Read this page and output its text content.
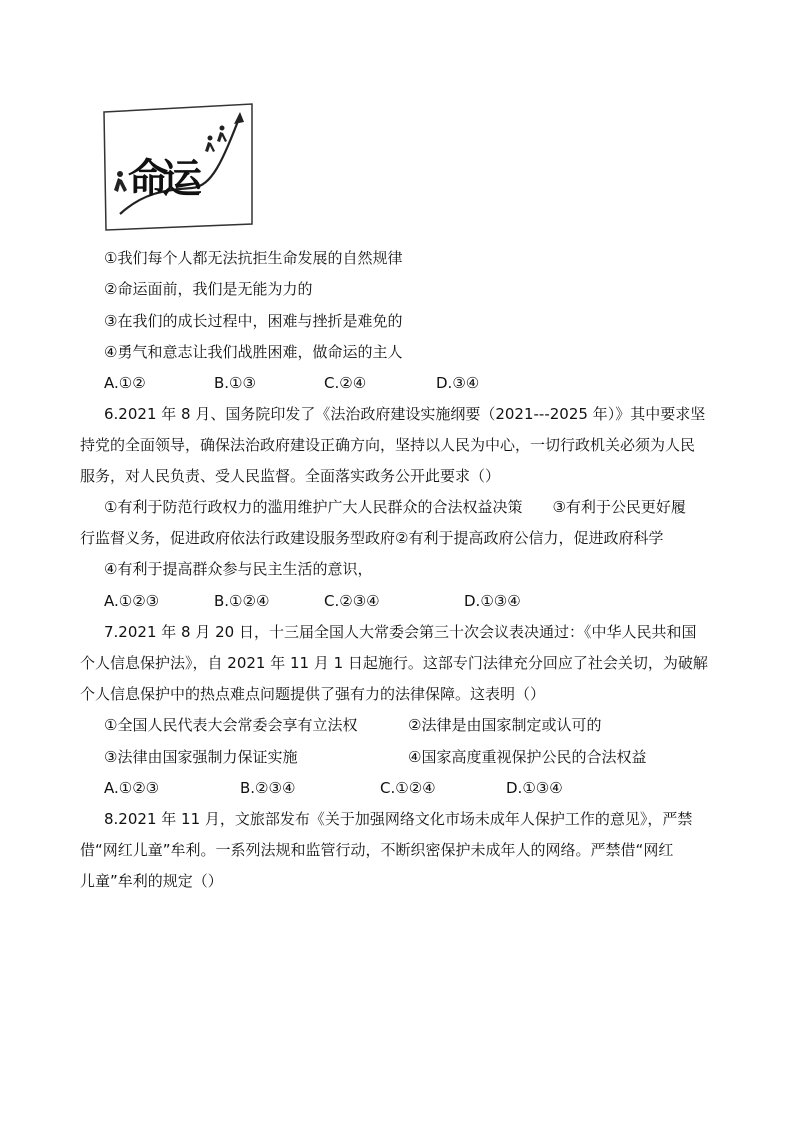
命运
①我们每个人都无法抗拒生命发展的自然规律
②命运面前，我们是无能为力的
③在我们的成长过程中，困难与挫折是难免的
④勇气和意志让我们战胜困难，做命运的主人
A.①②	B.①③	C.②④	D.③④
6.2021 年 8 月、国务院印发了《法治政府建设实施纲要（2021---2025 年）》其中要求坚
持党的全面领导，确保法治政府建设正确方向，坚持以人民为中心，一切行政机关必须为人民
服务，对人民负责、受人民监督。全面落实政务公开此要求（）
①有利于防范行政权力的滥用维护广大人民群众的合法权益决策　　③有利于公民更好履
行监督义务，促进政府依法行政建设服务型政府②有利于提高政府公信力，促进政府科学
④有利于提高群众参与民主生活的意识，
A.①②③	B.①②④	C.②③④	D.①③④
7.2021 年 8 月 20 日，十三届全国人大常委会第三十次会议表决通过：《中华人民共和国
个人信息保护法》，自 2021 年 11 月 1 日起施行。这部专门法律充分回应了社会关切，为破解
个人信息保护中的热点难点问题提供了强有力的法律保障。这表明（）
①全国人民代表大会常委会享有立法权	②法律是由国家制定或认可的
③法律由国家强制力保证实施	④国家高度重视保护公民的合法权益
A.①②③	B.②③④	C.①②④	D.①③④
8.2021 年 11 月，文旅部发布《关于加强网络文化市场未成年人保护工作的意见》，严禁
借“网红儿童”牟利。一系列法规和监管行动，不断织密保护未成年人的网络。严禁借“网红
儿童”牟利的规定（）
